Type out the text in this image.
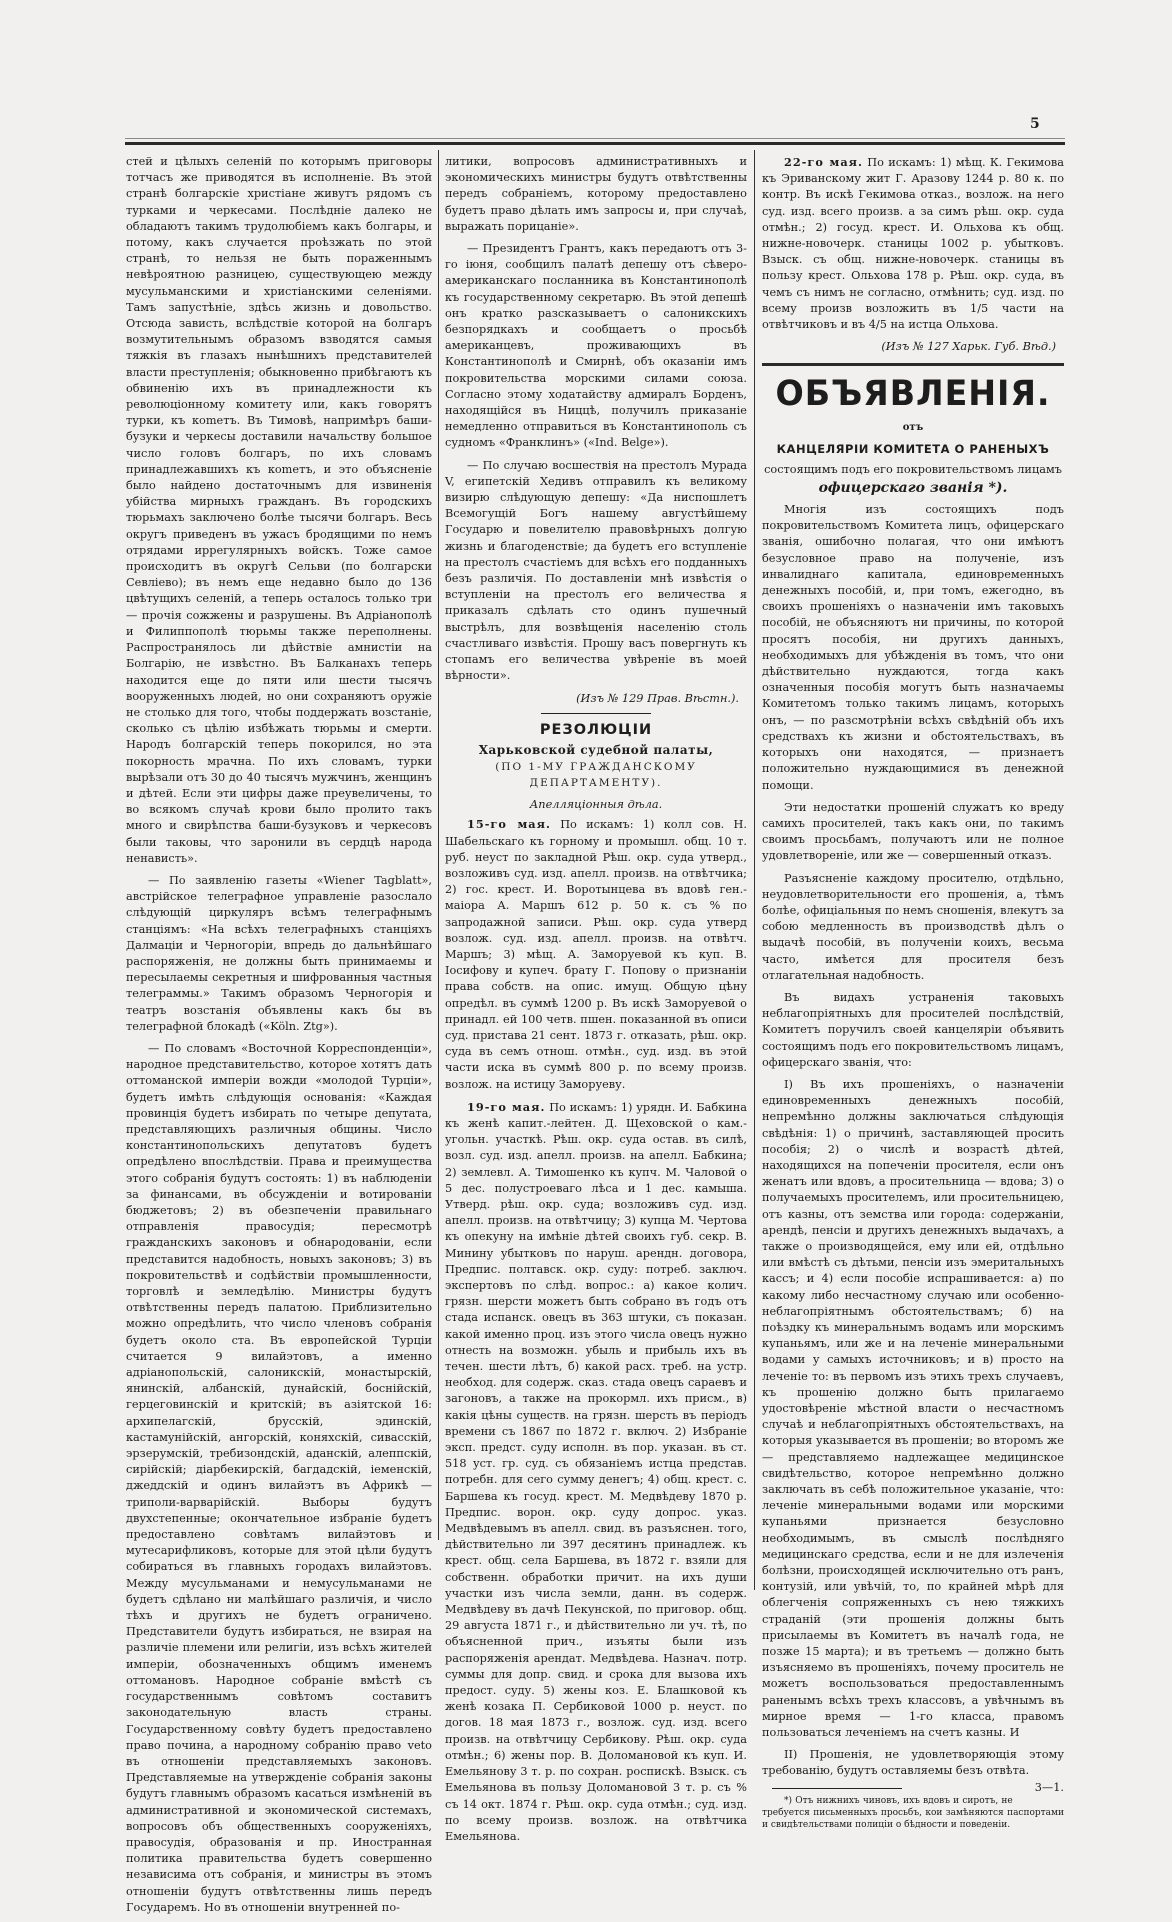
5

стей и цѣлыхъ селеній по которымъ приговоры тотчасъ же приводятся въ исполненіе. Въ этой странѣ болгарскіе христіане живутъ рядомъ съ турками и черкесами. Послѣдніе далеко не обладаютъ такимъ трудолюбіемъ какъ болгары, и потому, какъ случается проѣзжать по этой странѣ, то нельзя не быть пораженнымъ невѣроятною разницею, существующею между мусульманскими и христіанскими селеніями. Тамъ запустѣніе, здѣсь жизнь и довольство. Отсюда зависть, вслѣдствіе которой на болгаръ возмутительнымъ образомъ взводятся самыя тяжкія въ глазахъ нынѣшнихъ представителей власти преступленія; обыкновенно прибѣгаютъ къ обвиненію ихъ въ принадлежности къ революціонному комитету или, какъ говорятъ турки, къ коmетъ. Въ Тимовѣ, напримѣръ баши-бузуки и черкесы доставили начальству большое число головъ болгаръ, по ихъ словамъ принадлежавшихъ къ коmетъ, и это объясненіе было найдено достаточнымъ для извиненія убійства мирныхъ гражданъ. Въ городскихъ тюрьмахъ заключено болѣе тысячи болгаръ. Весь округъ приведенъ въ ужасъ бродящими по немъ отрядами иррегулярныхъ войскъ. Тоже самое происходитъ въ округѣ Сельви (по болгарски Севліево); въ немъ еще недавно было до 136 цвѣтущихъ селеній, а теперь осталось только три — прочія сожжены и разрушены. Въ Адріанополѣ и Филиппополѣ тюрьмы также переполнены. Распространялось ли дѣйствіе амнистіи на Болгарію, не извѣстно. Въ Балканахъ теперь находится еще до пяти или шести тысячъ вооруженныхъ людей, но они сохраняютъ оружіе не столько для того, чтобы поддержать возстаніе, сколько съ цѣлію избѣжать тюрьмы и смерти. Народъ болгарскій теперь покорился, но эта покорность мрачна. По ихъ словамъ, турки вырѣзали отъ 30 до 40 тысячъ мужчинъ, женщинъ и дѣтей. Если эти цифры даже преувеличены, то во всякомъ случаѣ крови было пролито такъ много и свирѣпства баши-бузуковъ и черкесовъ были таковы, что заронили въ сердцѣ народа ненависть».

— По заявленію газеты «Wiener Tagblatt», австрійское телеграфное управленіе разослало слѣдующій циркуляръ всѣмъ телеграфнымъ станціямъ: «На всѣхъ телеграфныхъ станціяхъ Далмаціи и Черногоріи, впредь до дальнѣйшаго распоряженія, не должны быть принимаемы и пересылаемы секретныя и шифрованныя частныя телеграммы.» Такимъ образомъ Черногорія и театръ возстанія объявлены какъ бы въ телеграфной блокадѣ («Köln. Ztg»).

— По словамъ «Восточной Корреспонденціи», народное представительство, которое хотятъ дать оттоманской имперіи вожди «молодой Турціи», будетъ имѣть слѣдующія основанія: «Каждая провинція будетъ избирать по четыре депутата, представляющихъ различныя общины. Число константинопольскихъ депутатовъ будетъ опредѣлено впослѣдствіи. Права и преимущества этого собранія будутъ состоять: 1) въ наблюденіи за финансами, въ обсужденіи и вотированіи бюджетовъ; 2) въ обезпеченіи правильнаго отправленія правосудія; пересмотрѣ гражданскихъ законовъ и обнародованіи, если представится надобность, новыхъ законовъ; 3) въ покровительствѣ и содѣйствіи промышленности, торговлѣ и земледѣлію. Министры будутъ отвѣтственны передъ палатою. Приблизительно можно опредѣлить, что число членовъ собранія будетъ около ста. Въ европейской Турціи считается 9 вилайэтовъ, а именно адріанопольскій, салоникскій, монастырскій, янинскій, албанскій, дунайскій, боснійскій, герцеговинскій и критскій; въ азіятской 16: архипелагскій, брусскій, эдинскій, кастамунійскій, ангорскій, коняхскій, сивасскій, эрзерумскій, требизондскій, аданскій, алеппскій, сирійскій; діарбекирскій, багдадскій, іеменскій, джеддскій и одинъ вилайэтъ въ Африкѣ — триполи-варварійскій. Выборы будутъ двухстепенные; окончательное избраніе будетъ предоставлено совѣтамъ вилайэтовъ и мутесарифликовъ, которые для этой цѣли будутъ собираться въ главныхъ городахъ вилайэтовъ. Между мусульманами и немусульманами не будетъ сдѣлано ни малѣйшаго различія, и число тѣхъ и другихъ не будетъ ограничено. Представители будутъ избираться, не взирая на различіе племени или религіи, изъ всѣхъ жителей имперіи, обозначенныхъ общимъ именемъ оттомановъ. Народное собраніе вмѣстѣ съ государственнымъ совѣтомъ составитъ законодательную власть страны. Государственному совѣту будетъ предоставлено право почина, а народному собранію право veto въ отношеніи представляемыхъ законовъ. Представляемые на утвержденіе собранія законы будутъ главнымъ образомъ касаться измѣненій въ административной и экономической системахъ, вопросовъ объ общественныхъ сооруженіяхъ, правосудія, образованія и пр. Иностранная политика правительства будетъ совершенно независима отъ собранія, и министры въ этомъ отношеніи будутъ отвѣтственны лишь передъ Государемъ. Но въ отношеніи внутренней по-

литики, вопросовъ административныхъ и экономическихъ министры будутъ отвѣтственны передъ собраніемъ, которому предоставлено будетъ право дѣлать имъ запросы и, при случаѣ, выражать порицаніе».

— Президентъ Грантъ, какъ передаютъ отъ 3-го іюня, сообщилъ палатѣ депешу отъ сѣверо-американскаго посланника въ Константинополѣ къ государственному секретарю. Въ этой депешѣ онъ кратко разсказываетъ о салоникскихъ безпорядкахъ и сообщаетъ о просьбѣ американцевъ, проживающихъ въ Константинополѣ и Смирнѣ, объ оказаніи имъ покровительства морскими силами союза. Согласно этому ходатайству адмиралъ Борденъ, находящійся въ Ниццѣ, получилъ приказаніе немедленно отправиться въ Константинополь съ судномъ «Франклинъ» («Ind. Belge»).

— По случаю восшествія на престолъ Мурада V, египетскій Хедивъ отправилъ къ великому визирю слѣдующую депешу: «Да ниспошлетъ Всемогущій Богъ нашему августѣйшему Государю и повелителю правовѣрныхъ долгую жизнь и благоденствіе; да будетъ его вступленіе на престолъ счастіемъ для всѣхъ его подданныхъ безъ различія. По доставленіи мнѣ извѣстія о вступленіи на престолъ его величества я приказалъ сдѣлать сто одинъ пушечный выстрѣлъ, для возвѣщенія населенію столь счастливаго извѣстія. Прошу васъ повергнуть къ стопамъ его величества увѣреніе въ моей вѣрности».

(Изъ № 129 Прав. Вѣстн.).

РЕЗОЛЮЦІИ
Харьковской судебной палаты,
(ПО 1-МУ ГРАЖДАНСКОМУ ДЕПАРТАМЕНТУ).

Апелляціонныя дѣла.

15-го мая. По искамъ: 1) колл сов. Н. Шабельскаго къ горному и промышл. общ. 10 т. руб. неуст по закладной Рѣш. окр. суда утверд., возложивъ суд. изд. апелл. произв. на отвѣтчика; 2) гос. крест. И. Воротынцева въ вдовѣ ген.-маіора А. Маршъ 612 р. 50 к. съ % по запродажной записи. Рѣш. окр. суда утверд возлож. суд. изд. апелл. произв. на отвѣтч. Маршъ; 3) мѣщ. А. Заморуевой къ куп. В. Іосифову и купеч. брату Г. Попову о признаніи права собств. на опис. имущ. Общую цѣну опредѣл. въ суммѣ 1200 р. Въ искѣ Заморуевой о принадл. ей 100 четв. пшен. показанной въ описи суд. пристава 21 сент. 1873 г. отказать, рѣш. окр. суда въ семъ отнош. отмѣн., суд. изд. въ этой части иска въ суммѣ 800 р. по всему произв. возлож. на истицу Заморуеву.

19-го мая. По искамъ: 1) урядн. И. Бабкина къ женѣ капит.-лейтен. Д. Щеховской о кам.-угольн. участкѣ. Рѣш. окр. суда остав. въ силѣ, возл. суд. изд. апелл. произв. на апелл. Бабкина; 2) землевл. А. Тимошенко къ купч. М. Чаловой о 5 дес. полустроеваго лѣса и 1 дес. камыша. Утверд. рѣш. окр. суда; возложивъ суд. изд. апелл. произв. на отвѣтчицу; 3) купца М. Чертова къ опекуну на имѣніе дѣтей своихъ губ. секр. В. Минину убытковъ по наруш. арендн. договора, Предпис. полтавск. окр. суду: потреб. заключ. экспертовъ по слѣд. вопрос.: а) какое колич. грязн. шерсти можетъ быть собрано въ годъ отъ стада испанск. овецъ въ 363 штуки, съ показан. какой именно проц. изъ этого числа овецъ нужно отнесть на возможн. убыль и прибыль ихъ въ течен. шести лѣтъ, б) какой расх. треб. на устр. необход. для содерж. сказ. стада овецъ сараевъ и загоновъ, а также на прокормл. ихъ присм., в) какія цѣны существ. на грязн. шерсть въ періодъ времени съ 1867 по 1872 г. включ. 2) Избраніе эксп. предст. суду исполн. въ пор. указан. въ ст. 518 уст. гр. суд. съ обязаніемъ истца представ. потребн. для сего сумму денегъ; 4) общ. крест. с. Баршева къ госуд. крест. М. Медвѣдеву 1870 р. Предпис. ворон. окр. суду допрос. указ. Медвѣдевымъ въ апелл. свид. въ разъяснен. того, дѣйствительно ли 397 десятинъ принадлеж. къ крест. общ. села Баршева, въ 1872 г. взяли для собственн. обработки причит. на ихъ души участки изъ числа земли, данн. въ содерж. Медвѣдеву въ дачѣ Пекунской, по приговор. общ. 29 августа 1871 г., и дѣйствительно ли уч. тѣ, по объясненной прич., изъяты были изъ распоряженія арендат. Медвѣдева. Назнач. потр. суммы для допр. свид. и срока для вызова ихъ предост. суду. 5) жены коз. Е. Блашковой къ женѣ козака П. Сербиковой 1000 р. неуст. по догов. 18 мая 1873 г., возлож. суд. изд. всего произв. на отвѣтчицу Сербикову. Рѣш. окр. суда отмѣн.; 6) жены пор. В. Доломановой къ куп. И. Емельянову 3 т. р. по сохран. роспискѣ. Взыск. съ Емельянова въ пользу Доломановой 3 т. р. съ % съ 14 окт. 1874 г. Рѣш. окр. суда отмѣн.; суд. изд. по всему произв. возлож. на отвѣтчика Емельянова.

22-го мая. По искамъ: 1) мѣщ. К. Гекимова къ Эриванскому жит Г. Аразову 1244 р. 80 к. по контр. Въ искѣ Гекимова отказ., возлож. на него суд. изд. всего произв. а за симъ рѣш. окр. суда отмѣн.; 2) госуд. крест. И. Ольхова къ общ. нижне-новочерк. станицы 1002 р. убытковъ. Взыск. съ общ. нижне-новочерк. станицы въ пользу крест. Ольхова 178 р. Рѣш. окр. суда, въ чемъ съ нимъ не согласно, отмѣнить; суд. изд. по всему произв возложить въ 1/5 части на отвѣтчиковъ и въ 4/5 на истца Ольхова.

(Изъ № 127 Харьк. Губ. Вѣд.)

ОБЪЯВЛЕНІЯ.

отъ

КАНЦЕЛЯРІИ КОМИТЕТА О РАНЕНЫХЪ

состоящимъ подъ его покровительствомъ лицамъ

офицерскаго званія *).

Многія изъ состоящихъ подъ покровительствомъ Комитета лицъ, офицерскаго званія, ошибочно полагая, что они имѣютъ безусловное право на полученіе, изъ инвалиднаго капитала, единовременныхъ денежныхъ пособій, и, при томъ, ежегодно, въ своихъ прошеніяхъ о назначеніи имъ таковыхъ пособій, не объясняютъ ни причины, по которой просятъ пособія, ни другихъ данныхъ, необходимыхъ для убѣжденія въ томъ, что они дѣйствительно нуждаются, тогда какъ означенныя пособія могутъ быть назначаемы Комитетомъ только такимъ лицамъ, которыхъ онъ, — по разсмотрѣніи всѣхъ свѣдѣній объ ихъ средствахъ къ жизни и обстоятельствахъ, въ которыхъ они находятся, — признаетъ положительно нуждающимися въ денежной помощи.

Эти недостатки прошеній служатъ ко вреду самихъ просителей, такъ какъ они, по такимъ своимъ просьбамъ, получаютъ или не полное удовлетвореніе, или же — совершенный отказъ.

Разъясненіе каждому просителю, отдѣльно, неудовлетворительности его прошенія, а, тѣмъ болѣе, офиціальныя по немъ сношенія, влекутъ за собою медленность въ производствѣ дѣлъ о выдачѣ пособій, въ полученіи коихъ, весьма часто, имѣется для просителя безъ отлагательная надобность.

Въ видахъ устраненія таковыхъ неблагопріятныхъ для просителей послѣдствій, Комитетъ поручилъ своей канцеляріи объявить состоящимъ подъ его покровительствомъ лицамъ, офицерскаго званія, что:

I) Въ ихъ прошеніяхъ, о назначеніи единовременныхъ денежныхъ пособій, непремѣнно должны заключаться слѣдующія свѣдѣнія: 1) о причинѣ, заставляющей просить пособія; 2) о числѣ и возрастѣ дѣтей, находящихся на попеченіи просителя, если онъ женатъ или вдовъ, а просительница — вдова; 3) о получаемыхъ просителемъ, или просительницею, отъ казны, отъ земства или города: содержаніи, арендѣ, пенсіи и другихъ денежныхъ выдачахъ, а также о производящейся, ему или ей, отдѣльно или вмѣстѣ съ дѣтьми, пенсіи изъ эмеритальныхъ кассъ; и 4) если пособіе испрашивается: а) по какому либо несчастному случаю или особенно-неблагопріятнымъ обстоятельствамъ; б) на поѣздку къ минеральнымъ водамъ или морскимъ купаньямъ, или же и на леченіе минеральными водами у самыхъ источниковъ; и в) просто на леченіе то: въ первомъ изъ этихъ трехъ случаевъ, къ прошенію должно быть прилагаемо удостовѣреніе мѣстной власти о несчастномъ случаѣ и неблагопріятныхъ обстоятельствахъ, на которыя указывается въ прошеніи; во второмъ же — представляемо надлежащее медицинское свидѣтельство, которое непремѣнно должно заключать въ себѣ положительное указаніе, что: леченіе минеральными водами или морскими купаньями признается безусловно необходимымъ, въ смыслѣ послѣдняго медицинскаго средства, если и не для излеченія болѣзни, происходящей исключительно отъ ранъ, контузій, или увѣчій, то, по крайней мѣрѣ для облегченія сопряженныхъ съ нею тяжкихъ страданій (эти прошенія должны быть присылаемы въ Комитетъ въ началѣ года, не позже 15 марта); и въ третьемъ — должно быть изъясняемо въ прошеніяхъ, почему проситель не можетъ воспользоваться предоставленнымъ раненымъ всѣхъ трехъ классовъ, а увѣчнымъ въ мирное время — 1-го класса, правомъ пользоваться леченіемъ на счетъ казны. И

II) Прошенія, не удовлетворяющія этому требованію, будутъ оставляемы безъ отвѣта.
3—1.

*) Отъ нижнихъ чиновъ, ихъ вдовъ и сиротъ, не требуется письменныхъ просьбъ, кои замѣняются паспортами и свидѣтельствами полиціи о бѣдности и поведеніи.
